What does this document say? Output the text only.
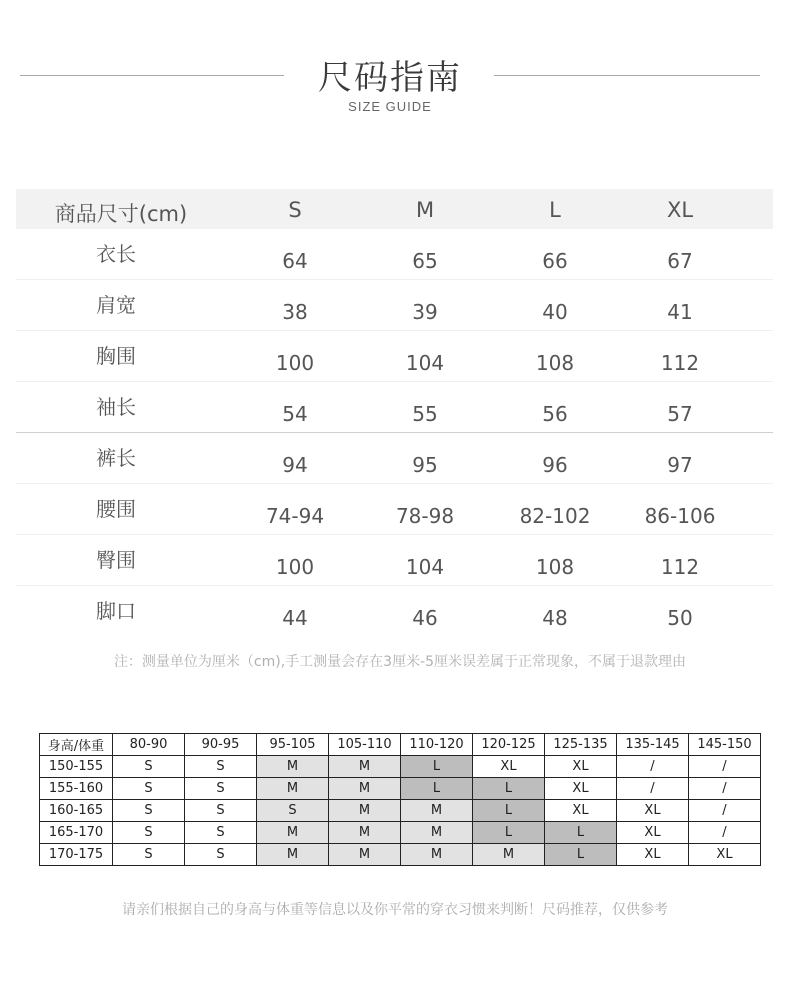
尺码指南
SIZE GUIDE
商品尺寸(cm)	S	M	L	XL
衣长	64	65	66	67
肩宽	38	39	40	41
胸围	100	104	108	112
袖长	54	55	56	57
裤长	94	95	96	97
腰围	74-94	78-98	82-102	86-106
臀围	100	104	108	112
脚口	44	46	48	50
注：测量单位为厘米（cm),手工测量会存在3厘米-5厘米误差属于正常现象，不属于退款理由
身高/体重	80-90	90-95	95-105	105-110	110-120	120-125	125-135	135-145	145-150
150-155	S	S	M	M	L	XL	XL	/	/
155-160	S	S	M	M	L	L	XL	/	/
160-165	S	S	S	M	M	L	XL	XL	/
165-170	S	S	M	M	M	L	L	XL	/
170-175	S	S	M	M	M	M	L	XL	XL
请亲们根据自己的身高与体重等信息以及你平常的穿衣习惯来判断！尺码推荐，仅供参考
